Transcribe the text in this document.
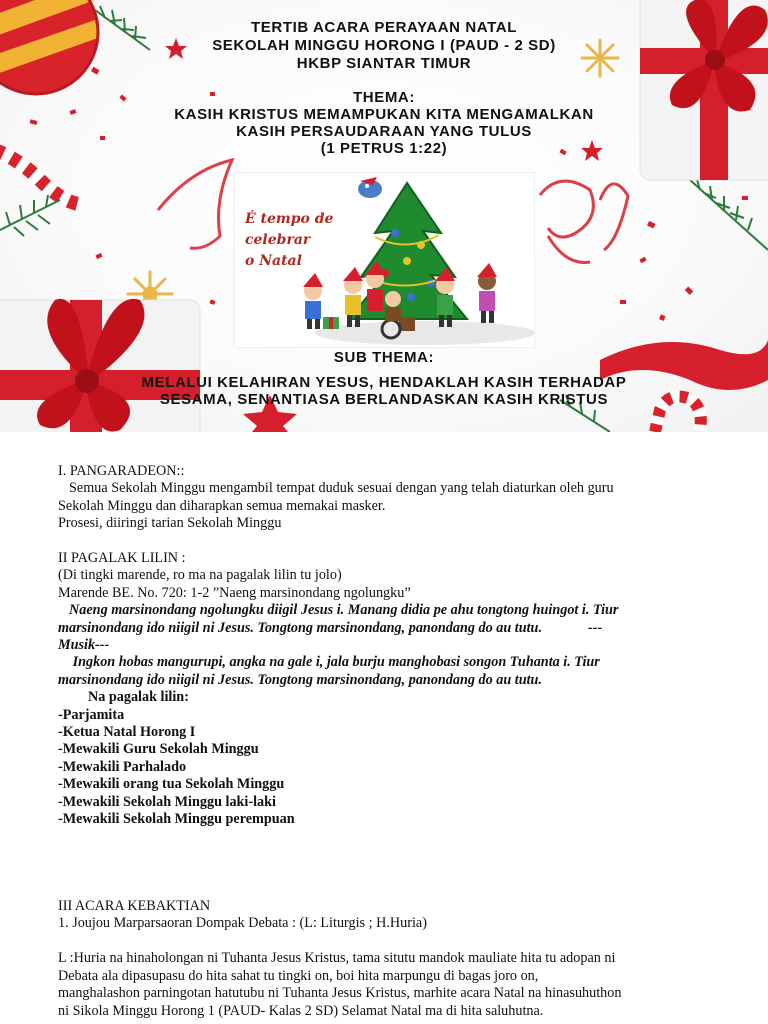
TERTIB ACARA PERAYAAN NATAL
SEKOLAH MINGGU HORONG I (PAUD - 2 SD)
HKBP SIANTAR TIMUR
THEMA:
KASIH KRISTUS MEMAMPUKAN KITA MENGAMALKAN
KASIH PERSAUDARAAN YANG TULUS
(1 PETRUS 1:22)
É tempo de
celebrar
o Natal
SUB THEMA:
MELALUI KELAHIRAN YESUS, HENDAKLAH KASIH TERHADAP
SESAMA, SENANTIASA BERLANDASKAN KASIH KRISTUS
I. PANGARADEON::
Semua Sekolah Minggu mengambil tempat duduk sesuai dengan yang telah diaturkan oleh guru
Sekolah Minggu dan diharapkan semua memakai masker.
Prosesi, diiringi tarian Sekolah Minggu
II PAGALAK LILIN :
(Di tingki marende, ro ma na pagalak lilin tu jolo)
Marende BE. No. 720: 1-2 ”Naeng marsinondang ngolungku”
Naeng marsinondang ngolungku diigil Jesus i. Manang didia pe ahu tongtong huingot i. Tiur
marsinondang ido niigil ni Jesus. Tongtong marsinondang, panondang do au tutu.	---
Musik---
Ingkon hobas mangurupi, angka na gale i, jala burju manghobasi songon Tuhanta i. Tiur
marsinondang ido niigil ni Jesus. Tongtong marsinondang, panondang do au tutu.
Na pagalak lilin:
-Parjamita
-Ketua Natal Horong I
-Mewakili Guru Sekolah Minggu
-Mewakili Parhalado
-Mewakili orang tua Sekolah Minggu
-Mewakili Sekolah Minggu laki-laki
-Mewakili Sekolah Minggu perempuan
III ACARA KEBAKTIAN
1. Joujou Marparsaoran Dompak Debata : (L: Liturgis ; H.Huria)
L :Huria na hinaholongan ni Tuhanta Jesus Kristus, tama situtu mandok mauliate hita tu adopan ni
Debata ala dipasupasu do hita sahat tu tingki on, boi hita marpungu di bagas joro on,
manghalashon parningotan hatutubu ni Tuhanta Jesus Kristus, marhite acara Natal na hinasuhuthon
ni Sikola Minggu Horong 1 (PAUD- Kalas 2 SD) Selamat Natal ma di hita saluhutna.
